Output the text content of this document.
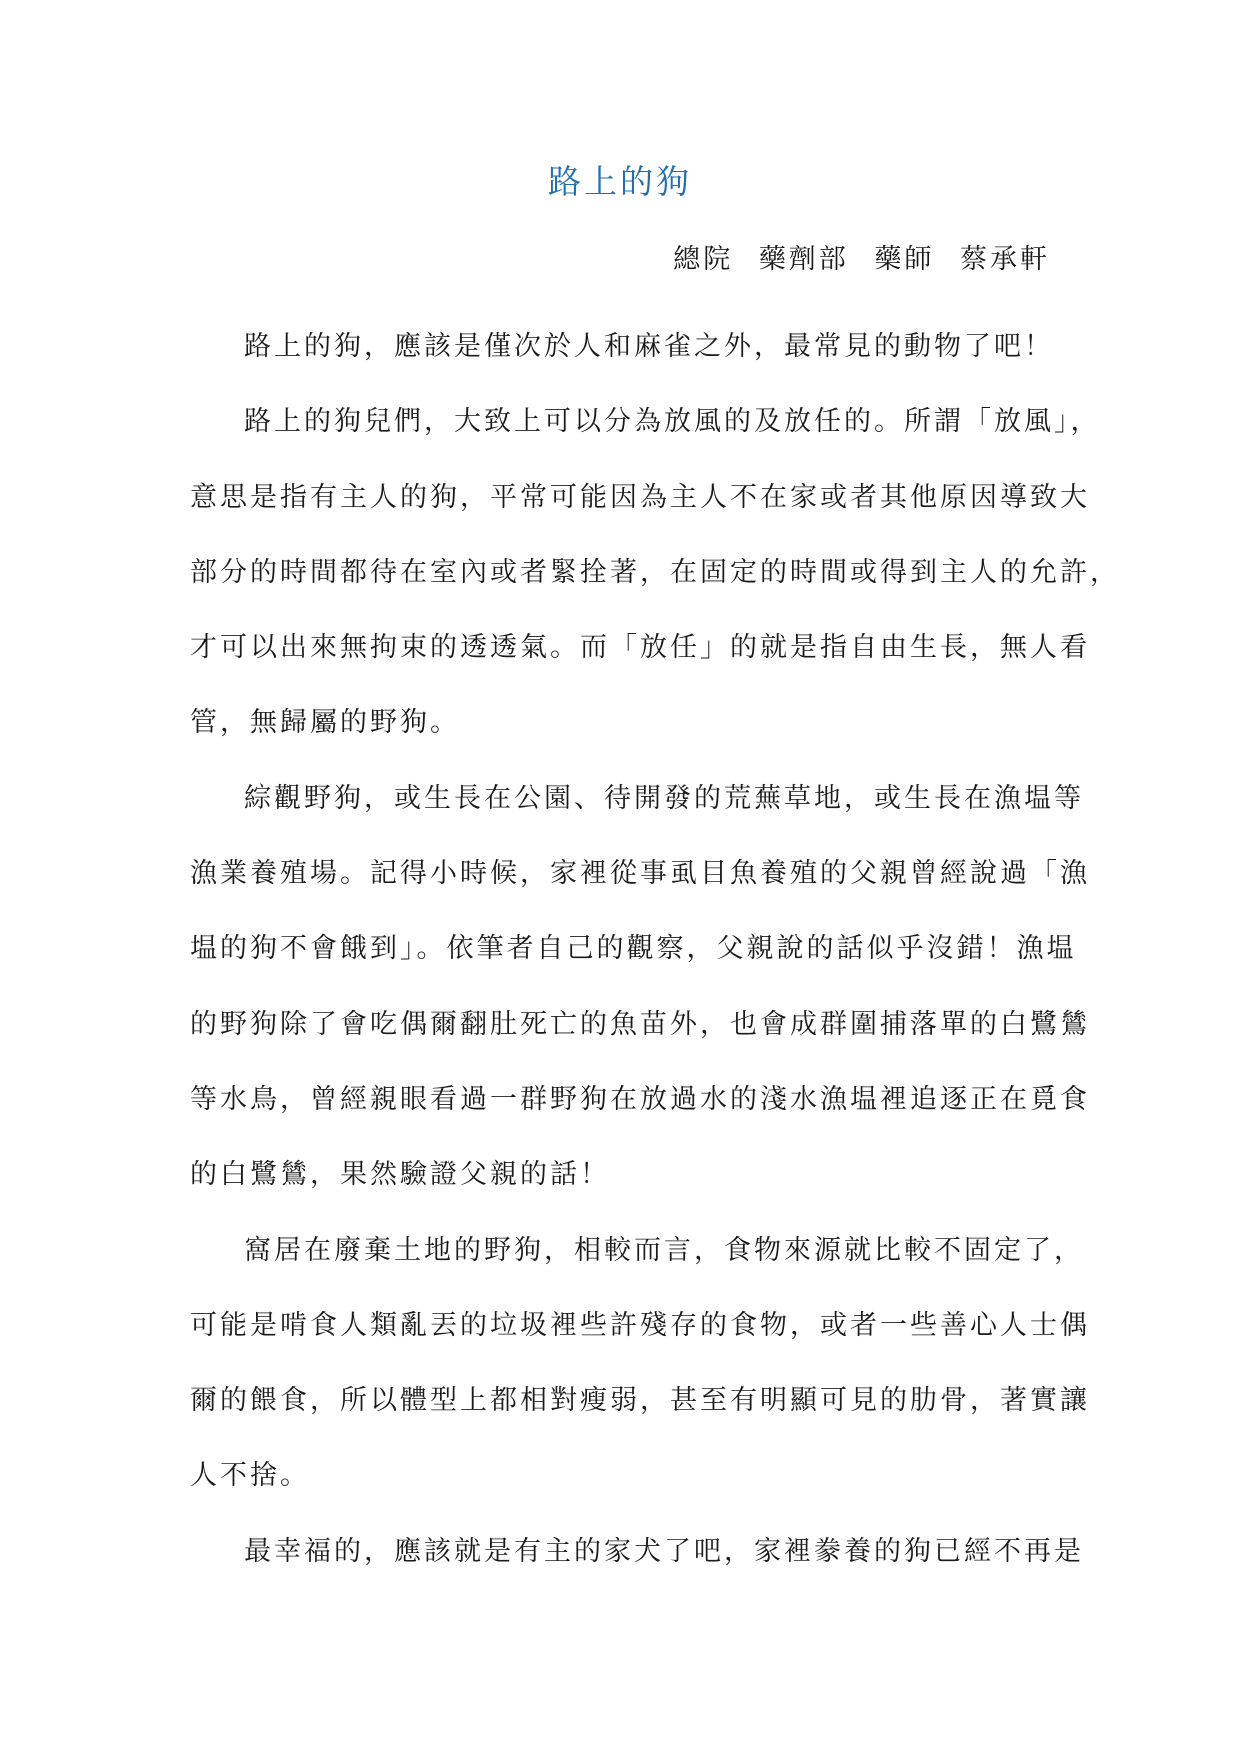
路上的狗
總院 藥劑部 藥師 蔡承軒

路上的狗，應該是僅次於人和麻雀之外，最常見的動物了吧！

路上的狗兒們，大致上可以分為放風的及放任的。所謂「放風」，
意思是指有主人的狗，平常可能因為主人不在家或者其他原因導致大
部分的時間都待在室內或者緊拴著，在固定的時間或得到主人的允許，
才可以出來無拘束的透透氣。而「放任」的就是指自由生長，無人看
管，無歸屬的野狗。

綜觀野狗，或生長在公園、待開發的荒蕪草地，或生長在漁塭等
漁業養殖場。記得小時候，家裡從事虱目魚養殖的父親曾經說過「漁
塭的狗不會餓到」。依筆者自己的觀察，父親說的話似乎沒錯！漁塭
的野狗除了會吃偶爾翻肚死亡的魚苗外，也會成群圍捕落單的白鷺鷥
等水鳥，曾經親眼看過一群野狗在放過水的淺水漁塭裡追逐正在覓食
的白鷺鷥，果然驗證父親的話！

窩居在廢棄土地的野狗，相較而言，食物來源就比較不固定了，
可能是啃食人類亂丟的垃圾裡些許殘存的食物，或者一些善心人士偶
爾的餵食，所以體型上都相對瘦弱，甚至有明顯可見的肋骨，著實讓
人不捨。

最幸福的，應該就是有主的家犬了吧，家裡豢養的狗已經不再是
